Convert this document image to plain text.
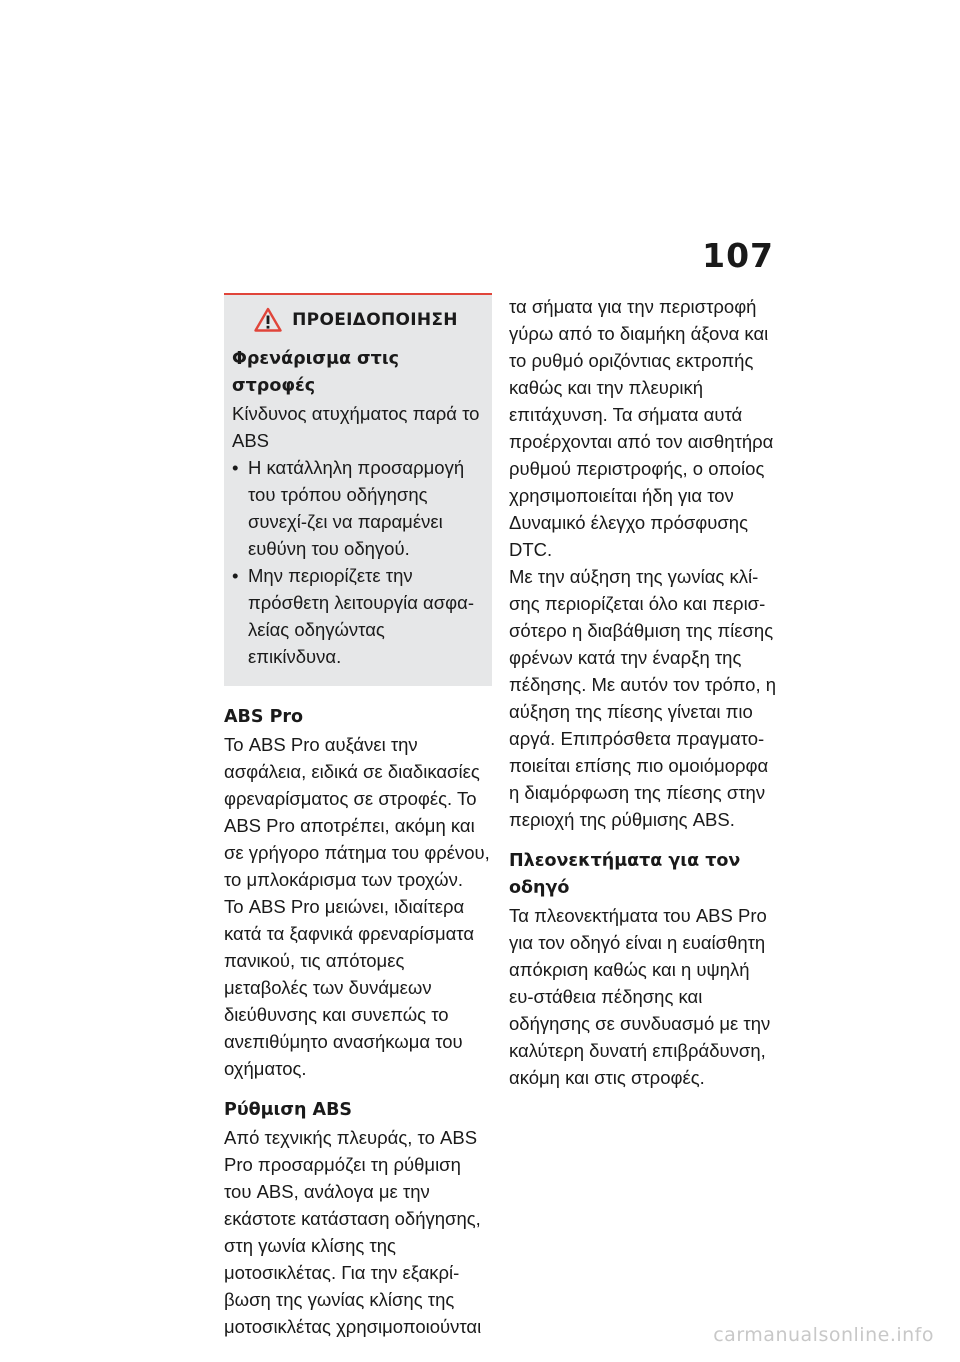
107
ΠΡΟΕΙΔΟΠΟΙΗΣΗ
Φρενάρισμα στις στροφές

Κίνδυνος ατυχήματος παρά το ABS

• Η κατάλληλη προσαρμογή του τρόπου οδήγησης συνεχί-ζει να παραμένει ευθύνη του οδηγού.
• Μην περιορίζετε την πρόσθετη λειτουργία ασφα-λείας οδηγώντας επικίνδυνα.
ABS Pro

Το ABS Pro αυξάνει την ασφάλεια, ειδικά σε διαδικασίες φρεναρίσματος σε στροφές. Το ABS Pro αποτρέπει, ακόμη και σε γρήγορο πάτημα του φρένου, το μπλοκάρισμα των τροχών.

Το ABS Pro μειώνει, ιδιαίτερα κατά τα ξαφνικά φρεναρίσματα πανικού, τις απότομες μεταβολές των δυνάμεων διεύθυνσης και συνεπώς το ανεπιθύμητο ανασήκωμα του οχήματος.

Ρύθμιση ABS

Από τεχνικής πλευράς, το ABS Pro προσαρμόζει τη ρύθμιση του ABS, ανάλογα με την εκάστοτε κατάσταση οδήγησης, στη γωνία κλίσης της μοτοσικλέτας. Για την εξακρί-βωση της γωνίας κλίσης της μοτοσικλέτας χρησιμοποιούνται

τα σήματα για την περιστροφή γύρω από το διαμήκη άξονα και το ρυθμό οριζόντιας εκτροπής καθώς και την πλευρική επιτάχυνση. Τα σήματα αυτά προέρχονται από τον αισθητήρα ρυθμού περιστροφής, ο οποίος χρησιμοποιείται ήδη για τον Δυναμικό έλεγχο πρόσφυσης DTC.

Με την αύξηση της γωνίας κλί-σης περιορίζεται όλο και περισ-σότερο η διαβάθμιση της πίεσης φρένων κατά την έναρξη της πέδησης. Με αυτόν τον τρόπο, η αύξηση της πίεσης γίνεται πιο αργά. Επιπρόσθετα πραγματο-ποιείται επίσης πιο ομοιόμορφα η διαμόρφωση της πίεσης στην περιοχή της ρύθμισης ABS.

Πλεονεκτήματα για τον οδηγό

Τα πλεονεκτήματα του ABS Pro για τον οδηγό είναι η ευαίσθητη απόκριση καθώς και η υψηλή ευ-στάθεια πέδησης και οδήγησης σε συνδυασμό με την καλύτερη δυνατή επιβράδυνση, ακόμη και στις στροφές.

carmanualsonline.info
